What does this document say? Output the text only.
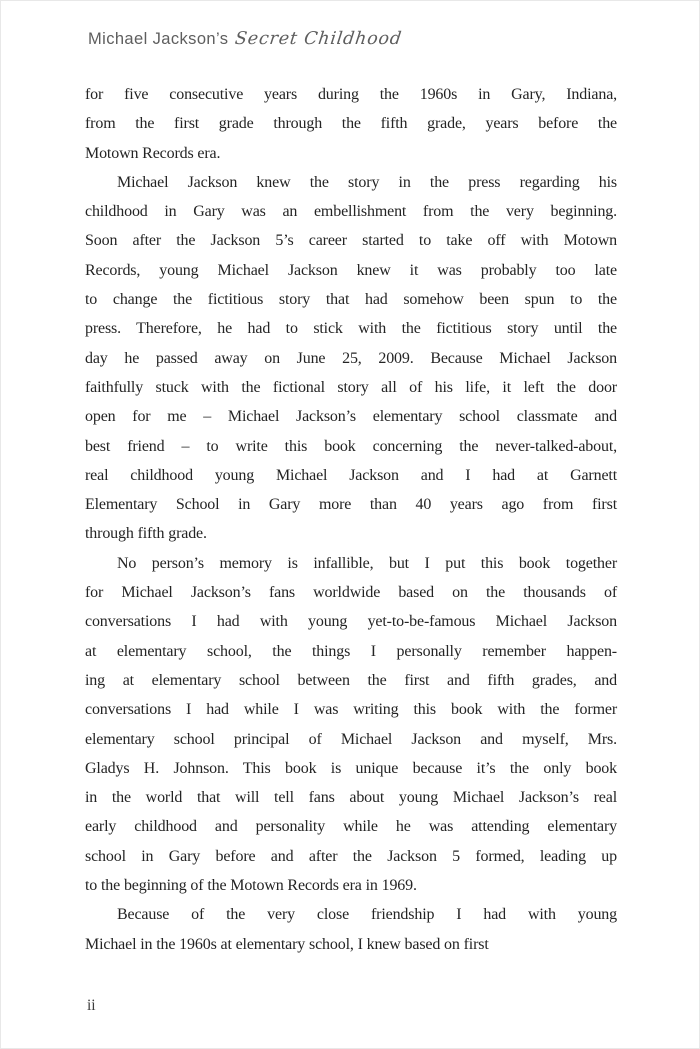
Michael Jackson’s Secret Childhood
for five consecutive years during the 1960s in Gary, Indiana,
from the first grade through the fifth grade, years before the
Motown Records era.
Michael Jackson knew the story in the press regarding his
childhood in Gary was an embellishment from the very beginning.
Soon after the Jackson 5’s career started to take off with Motown
Records, young Michael Jackson knew it was probably too late
to change the fictitious story that had somehow been spun to the
press. Therefore, he had to stick with the fictitious story until the
day he passed away on June 25, 2009. Because Michael Jackson
faithfully stuck with the fictional story all of his life, it left the door
open for me – Michael Jackson’s elementary school classmate and
best friend – to write this book concerning the never-talked-about,
real childhood young Michael Jackson and I had at Garnett
Elementary School in Gary more than 40 years ago from first
through fifth grade.
No person’s memory is infallible, but I put this book together
for Michael Jackson’s fans worldwide based on the thousands of
conversations I had with young yet-to-be-famous Michael Jackson
at elementary school, the things I personally remember happen-
ing at elementary school between the first and fifth grades, and
conversations I had while I was writing this book with the former
elementary school principal of Michael Jackson and myself, Mrs.
Gladys H. Johnson. This book is unique because it’s the only book
in the world that will tell fans about young Michael Jackson’s real
early childhood and personality while he was attending elementary
school in Gary before and after the Jackson 5 formed, leading up
to the beginning of the Motown Records era in 1969.
Because of the very close friendship I had with young
Michael in the 1960s at elementary school, I knew based on first
ii
